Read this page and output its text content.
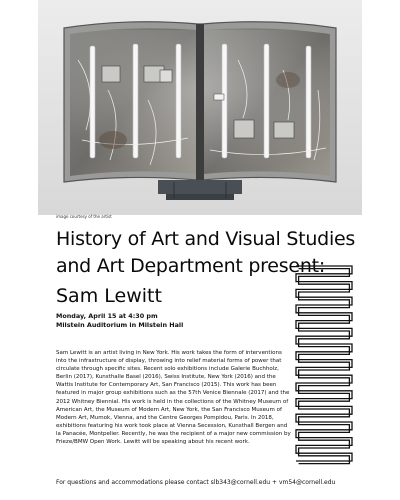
image courtesy of the artist
History of Art and Visual Studies and Art Department present:
Sam Lewitt
Monday, April 15 at 4:30 pm
Milstein Auditorium in Milstein Hall

Sam Lewitt is an artist living in New York. His work takes the form of interventions into the infrastructure of display, throwing into relief material forms of power that circulate through specific sites. Recent solo exhibitions include Galerie Buchholz, Berlin (2017), Kunsthalle Basel (2016), Swiss Institute, New York (2016) and the Wattis Institute for Contemporary Art, San Francisco (2015). This work has been featured in major group exhibitions such as the 57th Venice Biennale (2017) and the 2012 Whitney Biennial. His work is held in the collections of the Whitney Museum of American Art, the Museum of Modern Art, New York, the San Francisco Museum of Modern Art, Mumok, Vienna, and the Centre Georges Pompidou, Paris. In 2018, exhibitions featuring his work took place at Vienna Secession, Kunsthall Bergen and la Panacée, Montpelier. Recently, he was the recipient of a major new commission by Frieze/BMW Open Work. Lewitt will be speaking about his recent work.

For questions and accommodations please contact slb343@cornell.edu + vm54@cornell.edu
